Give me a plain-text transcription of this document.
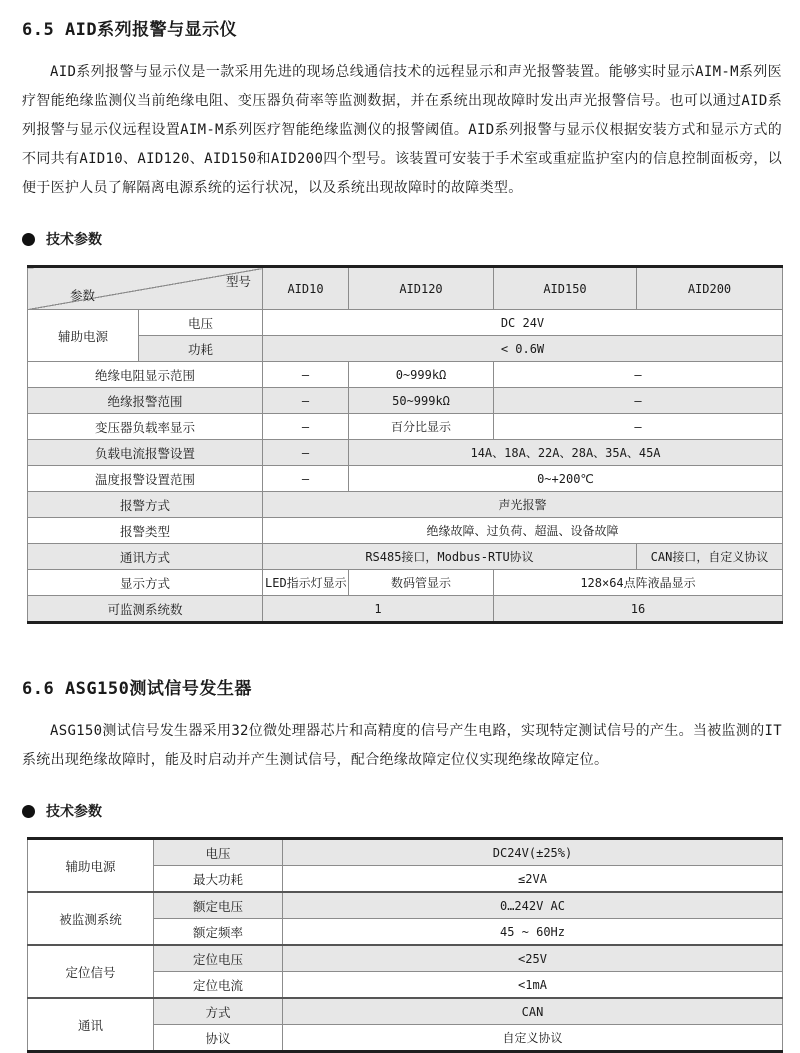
6.5 AID系列报警与显示仪

AID系列报警与显示仪是一款采用先进的现场总线通信技术的远程显示和声光报警装置。能够实时显示AIM-M系列医疗智能绝缘监测仪当前绝缘电阻、变压器负荷率等监测数据，并在系统出现故障时发出声光报警信号。也可以通过AID系列报警与显示仪远程设置AIM-M系列医疗智能绝缘监测仪的报警阈值。AID系列报警与显示仪根据安装方式和显示方式的不同共有AID10、AID120、AID150和AID200四个型号。该装置可安装于手术室或重症监护室内的信息控制面板旁，以便于医护人员了解隔离电源系统的运行状况，以及系统出现故障时的故障类型。

技术参数
型号
参数		AID10	AID120	AID150	AID200
辅助电源	电压	DC 24V			
	功耗	< 0.6W			
绝缘电阻显示范围		—	0~999kΩ	—	
绝缘报警范围		—	50~999kΩ	—	
变压器负载率显示		—	百分比显示	—	
负载电流报警设置		—	14A、18A、22A、28A、35A、45A		
温度报警设置范围		—	0~+200℃		
报警方式		声光报警			
报警类型		绝缘故障、过负荷、超温、设备故障			
通讯方式		RS485接口，Modbus-RTU协议			CAN接口，自定义协议
显示方式		LED指示灯显示	数码管显示	128×64点阵液晶显示	
可监测系统数		1		16	
6.6 ASG150测试信号发生器

ASG150测试信号发生器采用32位微处理器芯片和高精度的信号产生电路，实现特定测试信号的产生。当被监测的IT系统出现绝缘故障时，能及时启动并产生测试信号，配合绝缘故障定位仪实现绝缘故障定位。

技术参数
辅助电源	电压	DC24V(±25%)
	最大功耗	≤2VA
被监测系统	额定电压	0…242V AC
	额定频率	45 ~ 60Hz
定位信号	定位电压	<25V
	定位电流	<1mA
通讯	方式	CAN
	协议	自定义协议
